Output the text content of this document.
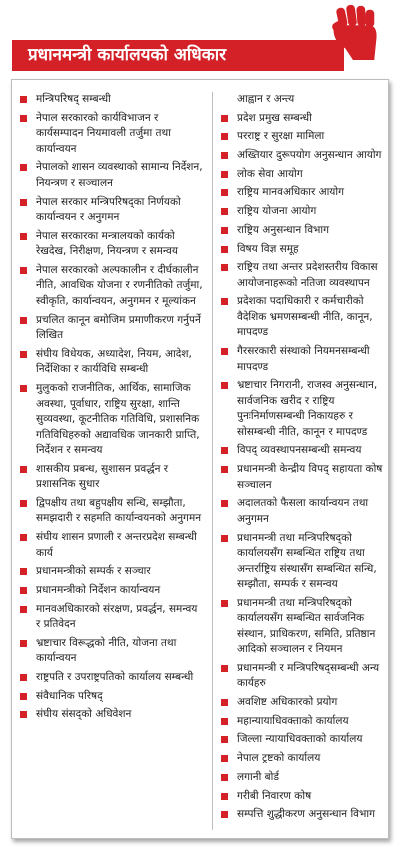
प्रधानमन्त्री कार्यालयको अधिकार
मन्त्रिपरिषद् सम्बन्धी
नेपाल सरकारको कार्यविभाजन र कार्यसम्पादन नियमावली तर्जुमा तथा कार्यान्वयन
नेपालको शासन व्यवस्थाको सामान्य निर्देशन, नियन्त्रण र सञ्चालन
नेपाल सरकार मन्त्रिपरिषद्का निर्णयको कार्यान्वयन र अनुगमन
नेपाल सरकारका मन्त्रालयको कार्यको रेखदेख, निरीक्षण, नियन्त्रण र समन्वय
नेपाल सरकारको अल्पकालीन र दीर्घकालीन नीति, आवधिक योजना र रणनीतिको तर्जुमा, स्वीकृति, कार्यान्वयन, अनुगमन र मूल्यांकन
प्रचलित कानून बमोजिम प्रमाणीकरण गर्नुपर्ने लिखित
संघीय विधेयक, अध्यादेश, नियम, आदेश, निर्देशिका र कार्यविधि सम्बन्धी
मुलुकको राजनीतिक, आर्थिक, सामाजिक अवस्था, पूर्वाधार, राष्ट्रिय सुरक्षा, शान्ति सुव्यवस्था, कूटनीतिक गतिविधि, प्रशासनिक गतिविधिहरुको अद्यावधिक जानकारी प्राप्ति, निर्देशन र समन्वय
शासकीय प्रबन्ध, सुशासन प्रवर्द्धन र प्रशासनिक सुधार
द्विपक्षीय तथा बहुपक्षीय सन्धि, सम्झौता, समझदारी र सहमति कार्यान्वयनको अनुगमन
संघीय शासन प्रणाली र अन्तरप्रदेश सम्बन्धी कार्य
प्रधानमन्त्रीको सम्पर्क र सञ्चार
प्रधानमन्त्रीको निर्देशन कार्यान्वयन
मानवअधिकारको संरक्षण, प्रवर्द्धन, समन्वय र प्रतिवेदन
भ्रष्टाचार विरूद्धको नीति, योजना तथा कार्यान्वयन
राष्ट्रपति र उपराष्ट्रपतिको कार्यालय सम्बन्धी
संवैधानिक परिषद्
संघीय संसद्को अधिवेशन
आह्वान र अन्त्य
प्रदेश प्रमुख सम्बन्धी
परराष्ट्र र सुरक्षा मामिला
अख्तियार दुरूपयोग अनुसन्धान आयोग
लोक सेवा आयोग
राष्ट्रिय मानवअधिकार आयोग
राष्ट्रिय योजना आयोग
राष्ट्रिय अनुसन्धान विभाग
विषय विज्ञ समूह
राष्ट्रिय तथा अन्तर प्रदेशस्तरीय विकास आयोजनाहरूको नतिजा व्यवस्थापन
प्रदेशका पदाधिकारी र कर्मचारीको वैदेशिक भ्रमणसम्बन्धी नीति, कानून, मापदण्ड
गैरसरकारी संस्थाको नियमनसम्बन्धी मापदण्ड
भ्रष्टाचार निगरानी, राजस्व अनुसन्धान, सार्वजनिक खरीद र राष्ट्रिय पुनःनिर्माणसम्बन्धी निकायहरु र सोसम्बन्धी नीति, कानून र मापदण्ड
विपद् व्यवस्थापनसम्बन्धी समन्वय
प्रधानमन्त्री केन्द्रीय विपद् सहायता कोष सञ्चालन
अदालतको फैसला कार्यान्वयन तथा अनुगमन
प्रधानमन्त्री तथा मन्त्रिपरिषद्को कार्यालयसँग सम्बन्धित राष्ट्रिय तथा अन्तर्राष्ट्रिय संस्थासँग सम्बन्धित सन्धि, सम्झौता, सम्पर्क र समन्वय
प्रधानमन्त्री तथा मन्त्रिपरिषद्को कार्यालयसँग सम्बन्धित सार्वजनिक संस्थान, प्राधिकरण, समिति, प्रतिष्ठान आदिको सञ्चालन र नियमन
प्रधानमन्त्री र मन्त्रिपरिषद्सम्बन्धी अन्य कार्यहरु
अवशिष्ट अधिकारको प्रयोग
महान्यायाधिवक्ताको कार्यालय
जिल्ला न्यायाधिवक्ताको कार्यालय
नेपाल ट्रष्टको कार्यालय
लगानी बोर्ड
गरीबी निवारण कोष
सम्पत्ति शुद्धीकरण अनुसन्धान विभाग
